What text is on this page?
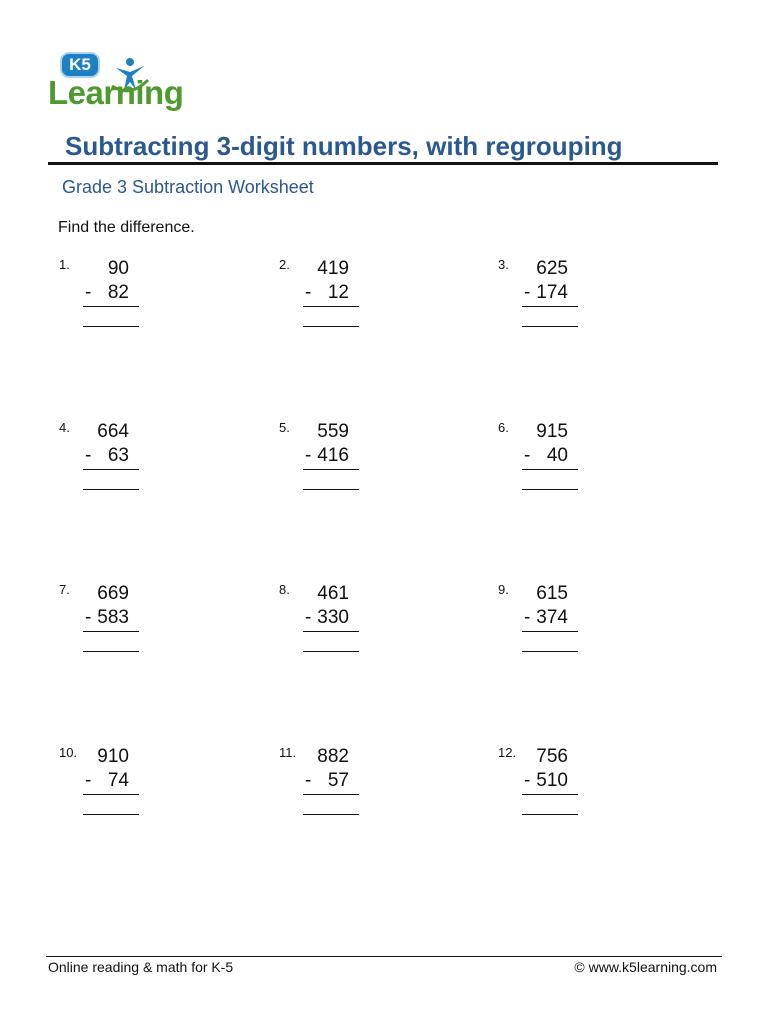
K5
Learning
Subtracting 3-digit numbers, with regrouping
Grade 3 Subtraction Worksheet
Find the difference.
1.	90
- 82
2.	419
- 12
3.	625
- 174
4.	664
- 63
5.	559
- 416
6.	915
- 40
7.	669
- 583
8.	461
- 330
9.	615
- 374
10.	910
- 74
11.	882
- 57
12.	756
- 510
Online reading & math for K-5	© www.k5learning.com
